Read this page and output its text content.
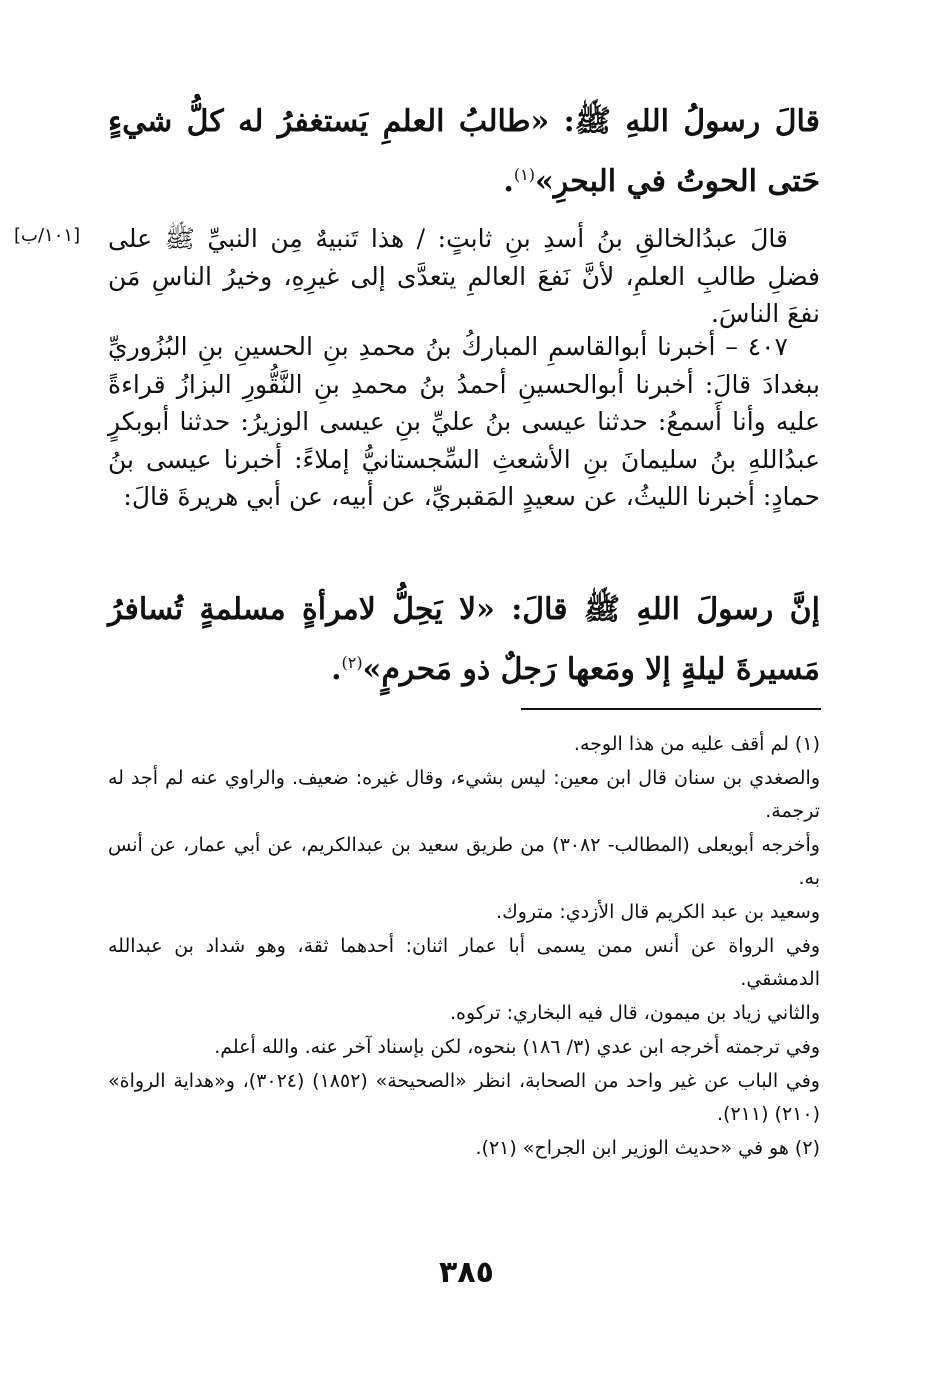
قالَ رسولُ اللهِ ﷺ: «طالبُ العلمِ يَستغفرُ له كلُّ شيءٍ حَتى الحوتُ في البحرِ»$^{(١)}$.
[١٠١/ب] قالَ عبدُالخالقِ بنُ أسدِ بنِ ثابتٍ: / هذا تَنبيهٌ مِن النبيِّ ﷺ على فضلِ طالبِ العلمِ، لأنَّ نَفعَ العالمِ يتعدَّى إلى غيرِهِ، وخيرُ الناسِ مَن نفعَ الناسَ.
٤٠٧ – أخبرنا أبوالقاسمِ المباركُ بنُ محمدِ بنِ الحسينِ بنِ البُزُوريِّ ببغدادَ قالَ: أخبرنا أبوالحسينِ أحمدُ بنُ محمدِ بنِ النَّقُّورِ البزازُ قراءةً عليه وأنا أَسمعُ: حدثنا عيسى بنُ عليِّ بنِ عيسى الوزيرُ: حدثنا أبوبكرٍ عبدُاللهِ بنُ سليمانَ بنِ الأشعثِ السِّجستانيُّ إملاءً: أخبرنا عيسى بنُ حمادٍ: أخبرنا الليثُ، عن سعيدٍ المَقبريِّ، عن أبيه، عن أبي هريرةَ قالَ:
إنَّ رسولَ اللهِ ﷺ قالَ: «لا يَحِلُّ لامرأةٍ مسلمةٍ تُسافرُ مَسيرةَ ليلةٍ إلا ومَعها رَجلٌ ذو مَحرمٍ»$^{(٢)}$.
(١) لم أقف عليه من هذا الوجه.
والصغدي بن سنان قال ابن معين: ليس بشيء، وقال غيره: ضعيف. والراوي عنه لم أجد له ترجمة.
وأخرجه أبويعلى (المطالب- ٣٠٨٢) من طريق سعيد بن عبدالكريم، عن أبي عمار، عن أنس به.
وسعيد بن عبد الكريم قال الأزدي: متروك.
وفي الرواة عن أنس ممن يسمى أبا عمار اثنان: أحدهما ثقة، وهو شداد بن عبدالله الدمشقي.
والثاني زياد بن ميمون، قال فيه البخاري: تركوه.
وفي ترجمته أخرجه ابن عدي (٣/ ١٨٦) بنحوه، لكن بإسناد آخر عنه. والله أعلم.
وفي الباب عن غير واحد من الصحابة، انظر «الصحيحة» (١٨٥٢) (٣٠٢٤)، و«هداية الرواة» (٢١٠) (٢١١).
(٢) هو في «حديث الوزير ابن الجراح» (٢١).
٣٨٥
